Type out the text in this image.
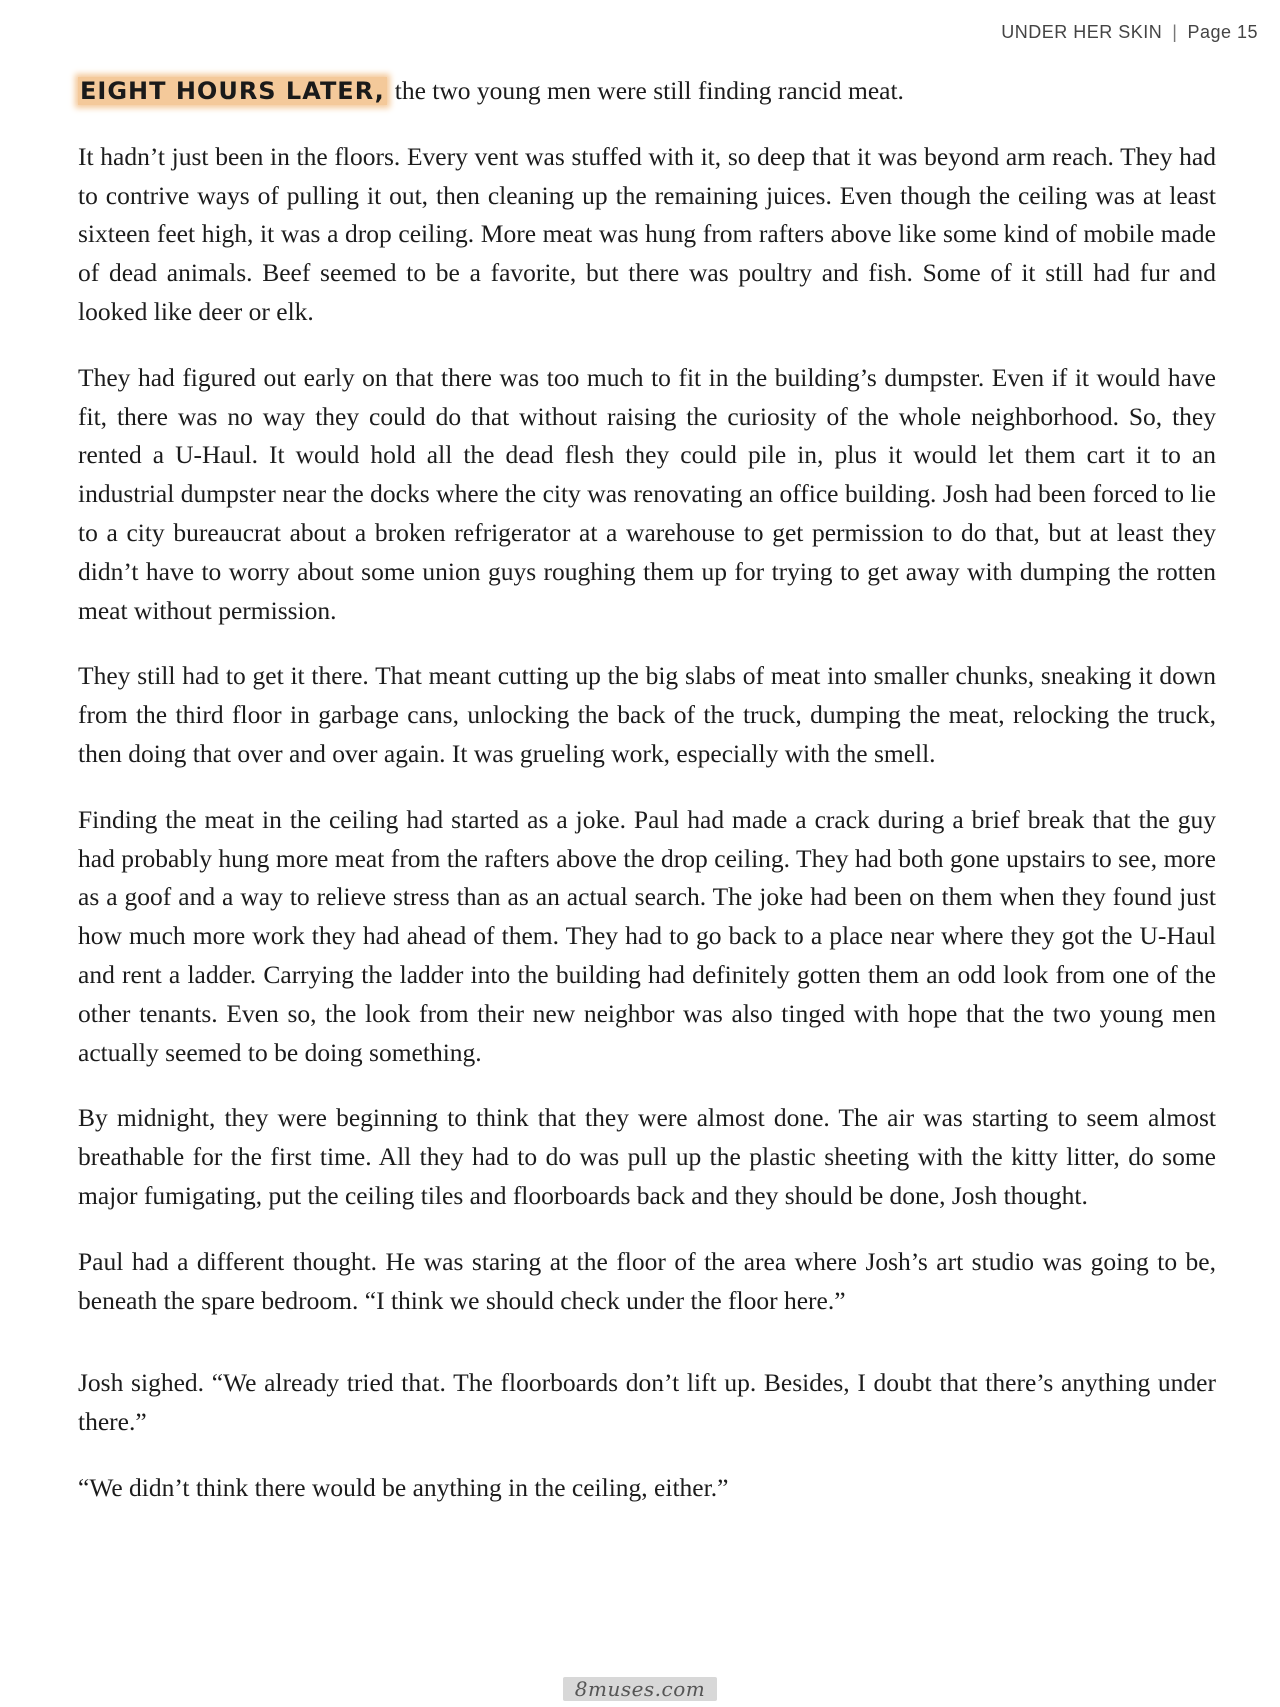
UNDER HER SKIN | Page 15

EIGHT HOURS LATER, the two young men were still finding rancid meat.

It hadn’t just been in the floors. Every vent was stuffed with it, so deep that it was beyond arm reach. They had to contrive ways of pulling it out, then cleaning up the remaining juices. Even though the ceiling was at least sixteen feet high, it was a drop ceiling. More meat was hung from rafters above like some kind of mobile made of dead animals. Beef seemed to be a favorite, but there was poultry and fish. Some of it still had fur and looked like deer or elk.

They had figured out early on that there was too much to fit in the building’s dumpster. Even if it would have fit, there was no way they could do that without raising the curiosity of the whole neighborhood. So, they rented a U-Haul. It would hold all the dead flesh they could pile in, plus it would let them cart it to an industrial dumpster near the docks where the city was renovating an office building. Josh had been forced to lie to a city bureaucrat about a broken refrigerator at a warehouse to get permission to do that, but at least they didn’t have to worry about some union guys roughing them up for trying to get away with dumping the rotten meat without permission.

They still had to get it there. That meant cutting up the big slabs of meat into smaller chunks, sneaking it down from the third floor in garbage cans, unlocking the back of the truck, dumping the meat, relocking the truck, then doing that over and over again. It was grueling work, especially with the smell.

Finding the meat in the ceiling had started as a joke. Paul had made a crack during a brief break that the guy had probably hung more meat from the rafters above the drop ceiling. They had both gone upstairs to see, more as a goof and a way to relieve stress than as an actual search. The joke had been on them when they found just how much more work they had ahead of them. They had to go back to a place near where they got the U-Haul and rent a ladder. Carrying the ladder into the building had definitely gotten them an odd look from one of the other tenants. Even so, the look from their new neighbor was also tinged with hope that the two young men actually seemed to be doing something.

By midnight, they were beginning to think that they were almost done. The air was starting to seem almost breathable for the first time. All they had to do was pull up the plastic sheeting with the kitty litter, do some major fumigating, put the ceiling tiles and floorboards back and they should be done, Josh thought.

Paul had a different thought. He was staring at the floor of the area where Josh’s art studio was going to be, beneath the spare bedroom. “I think we should check under the floor here.”

Josh sighed. “We already tried that. The floorboards don’t lift up. Besides, I doubt that there’s anything under there.”

“We didn’t think there would be anything in the ceiling, either.”

8muses.com
